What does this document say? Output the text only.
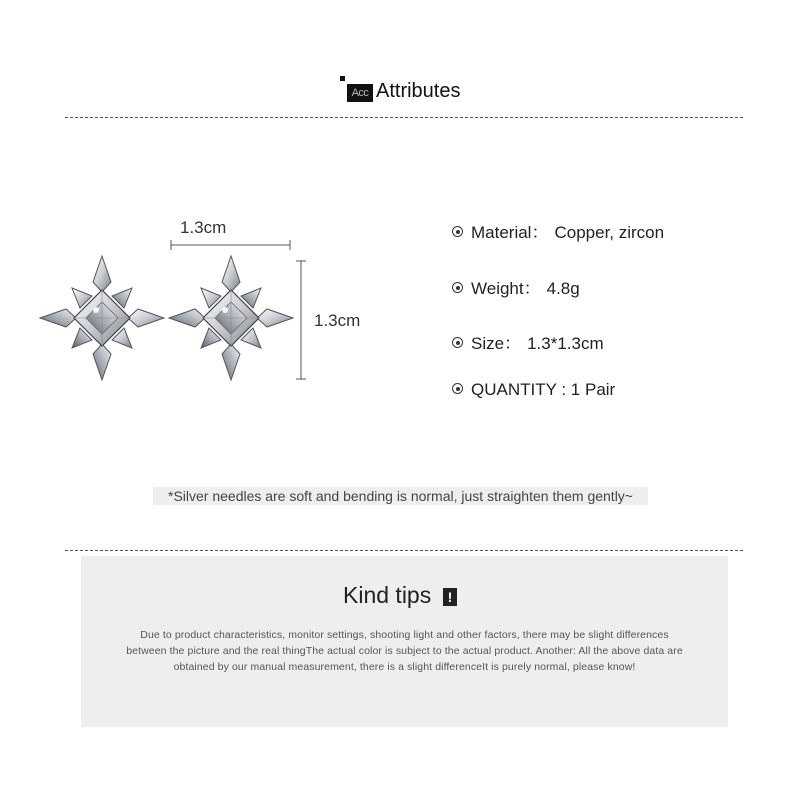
Acc Attributes
1.3cm
1.3cm
Material： Copper, zircon
Weight： 4.8g
Size： 1.3*1.3cm
QUANTITY : 1 Pair
*Silver needles are soft and bending is normal, just straighten them gently~
Kind tips	!
Due to product characteristics, monitor settings, shooting light and other factors, there may be slight differences between the picture and the real thingThe actual color is subject to the actual product. Another: All the above data are obtained by our manual measurement, there is a slight differenceIt is purely normal, please know!
